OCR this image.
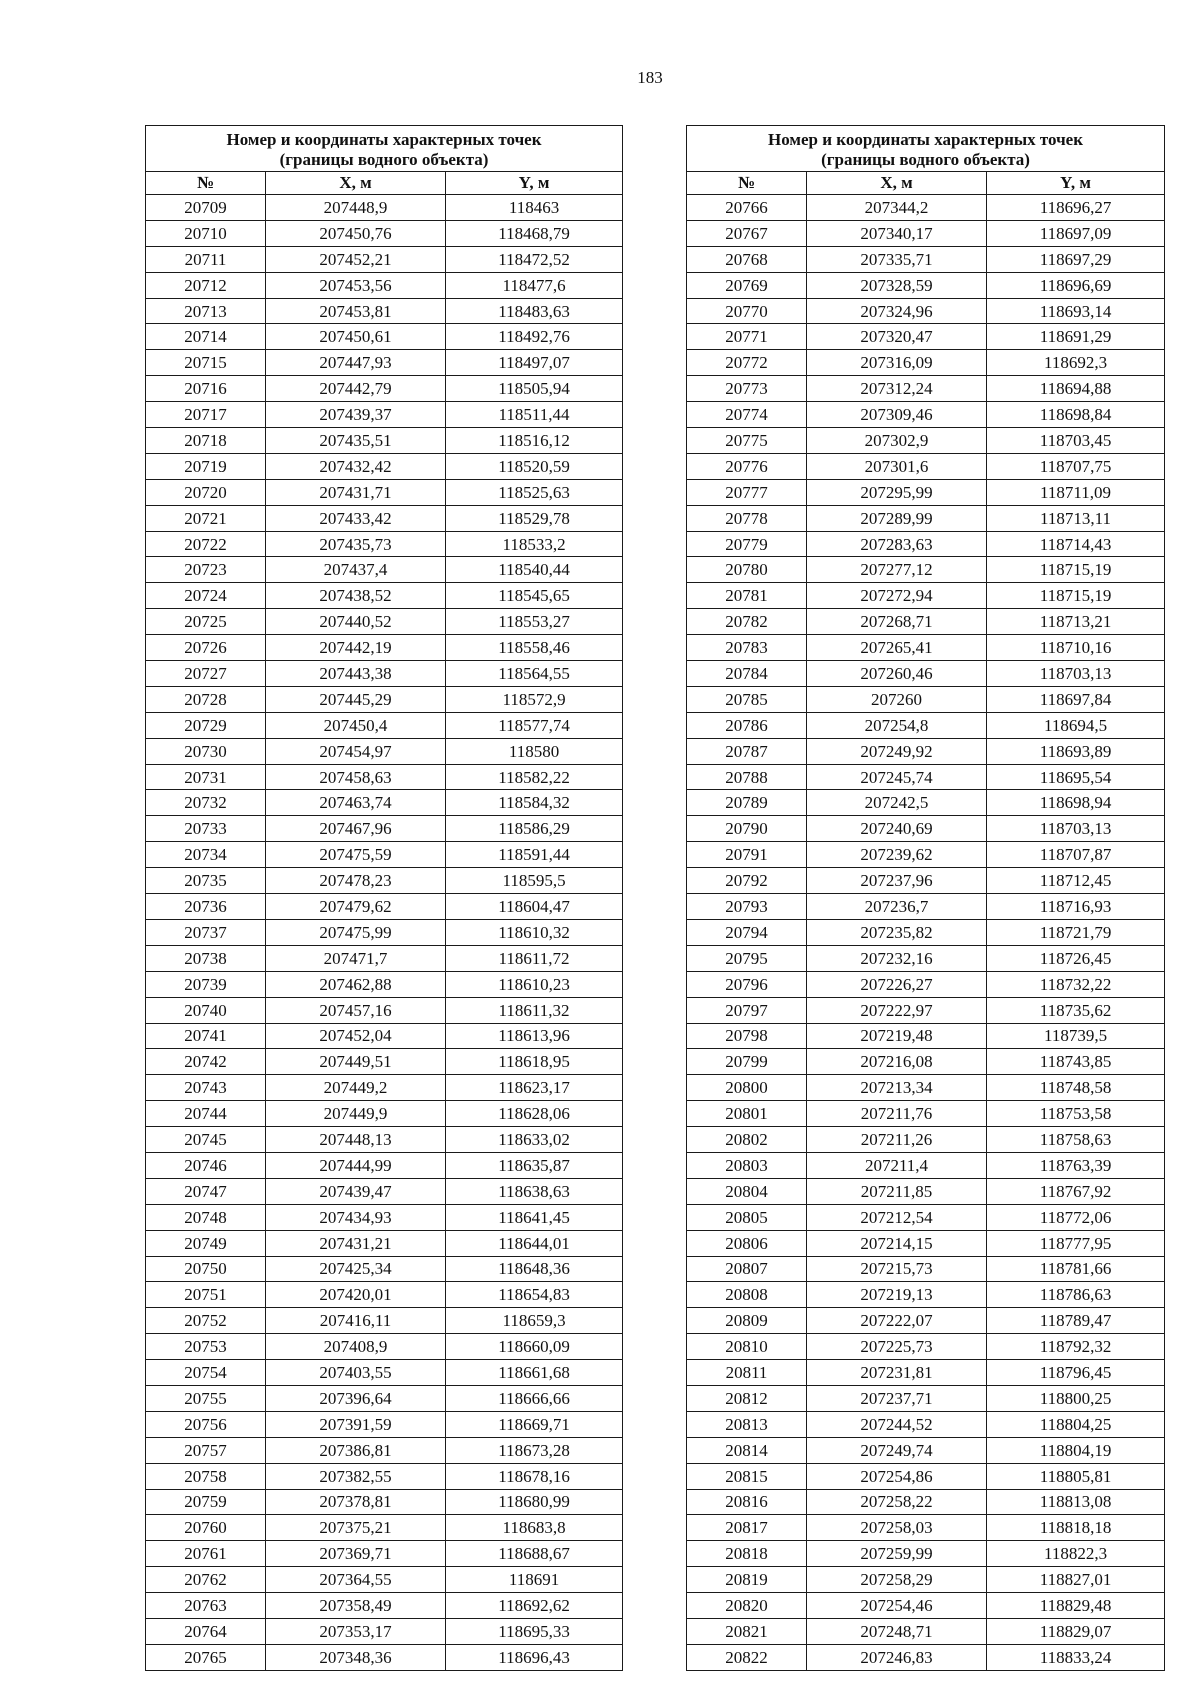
183
Номер и координаты характерных точек
(границы водного объекта)		

№	X, м	Y, м
20709	207448,9	118463
20710	207450,76	118468,79
20711	207452,21	118472,52
20712	207453,56	118477,6
20713	207453,81	118483,63
20714	207450,61	118492,76
20715	207447,93	118497,07
20716	207442,79	118505,94
20717	207439,37	118511,44
20718	207435,51	118516,12
20719	207432,42	118520,59
20720	207431,71	118525,63
20721	207433,42	118529,78
20722	207435,73	118533,2
20723	207437,4	118540,44
20724	207438,52	118545,65
20725	207440,52	118553,27
20726	207442,19	118558,46
20727	207443,38	118564,55
20728	207445,29	118572,9
20729	207450,4	118577,74
20730	207454,97	118580
20731	207458,63	118582,22
20732	207463,74	118584,32
20733	207467,96	118586,29
20734	207475,59	118591,44
20735	207478,23	118595,5
20736	207479,62	118604,47
20737	207475,99	118610,32
20738	207471,7	118611,72
20739	207462,88	118610,23
20740	207457,16	118611,32
20741	207452,04	118613,96
20742	207449,51	118618,95
20743	207449,2	118623,17
20744	207449,9	118628,06
20745	207448,13	118633,02
20746	207444,99	118635,87
20747	207439,47	118638,63
20748	207434,93	118641,45
20749	207431,21	118644,01
20750	207425,34	118648,36
20751	207420,01	118654,83
20752	207416,11	118659,3
20753	207408,9	118660,09
20754	207403,55	118661,68
20755	207396,64	118666,66
20756	207391,59	118669,71
20757	207386,81	118673,28
20758	207382,55	118678,16
20759	207378,81	118680,99
20760	207375,21	118683,8
20761	207369,71	118688,67
20762	207364,55	118691
20763	207358,49	118692,62
20764	207353,17	118695,33
20765	207348,36	118696,43
Номер и координаты характерных точек
(границы водного объекта)		

№	X, м	Y, м
20766	207344,2	118696,27
20767	207340,17	118697,09
20768	207335,71	118697,29
20769	207328,59	118696,69
20770	207324,96	118693,14
20771	207320,47	118691,29
20772	207316,09	118692,3
20773	207312,24	118694,88
20774	207309,46	118698,84
20775	207302,9	118703,45
20776	207301,6	118707,75
20777	207295,99	118711,09
20778	207289,99	118713,11
20779	207283,63	118714,43
20780	207277,12	118715,19
20781	207272,94	118715,19
20782	207268,71	118713,21
20783	207265,41	118710,16
20784	207260,46	118703,13
20785	207260	118697,84
20786	207254,8	118694,5
20787	207249,92	118693,89
20788	207245,74	118695,54
20789	207242,5	118698,94
20790	207240,69	118703,13
20791	207239,62	118707,87
20792	207237,96	118712,45
20793	207236,7	118716,93
20794	207235,82	118721,79
20795	207232,16	118726,45
20796	207226,27	118732,22
20797	207222,97	118735,62
20798	207219,48	118739,5
20799	207216,08	118743,85
20800	207213,34	118748,58
20801	207211,76	118753,58
20802	207211,26	118758,63
20803	207211,4	118763,39
20804	207211,85	118767,92
20805	207212,54	118772,06
20806	207214,15	118777,95
20807	207215,73	118781,66
20808	207219,13	118786,63
20809	207222,07	118789,47
20810	207225,73	118792,32
20811	207231,81	118796,45
20812	207237,71	118800,25
20813	207244,52	118804,25
20814	207249,74	118804,19
20815	207254,86	118805,81
20816	207258,22	118813,08
20817	207258,03	118818,18
20818	207259,99	118822,3
20819	207258,29	118827,01
20820	207254,46	118829,48
20821	207248,71	118829,07
20822	207246,83	118833,24
